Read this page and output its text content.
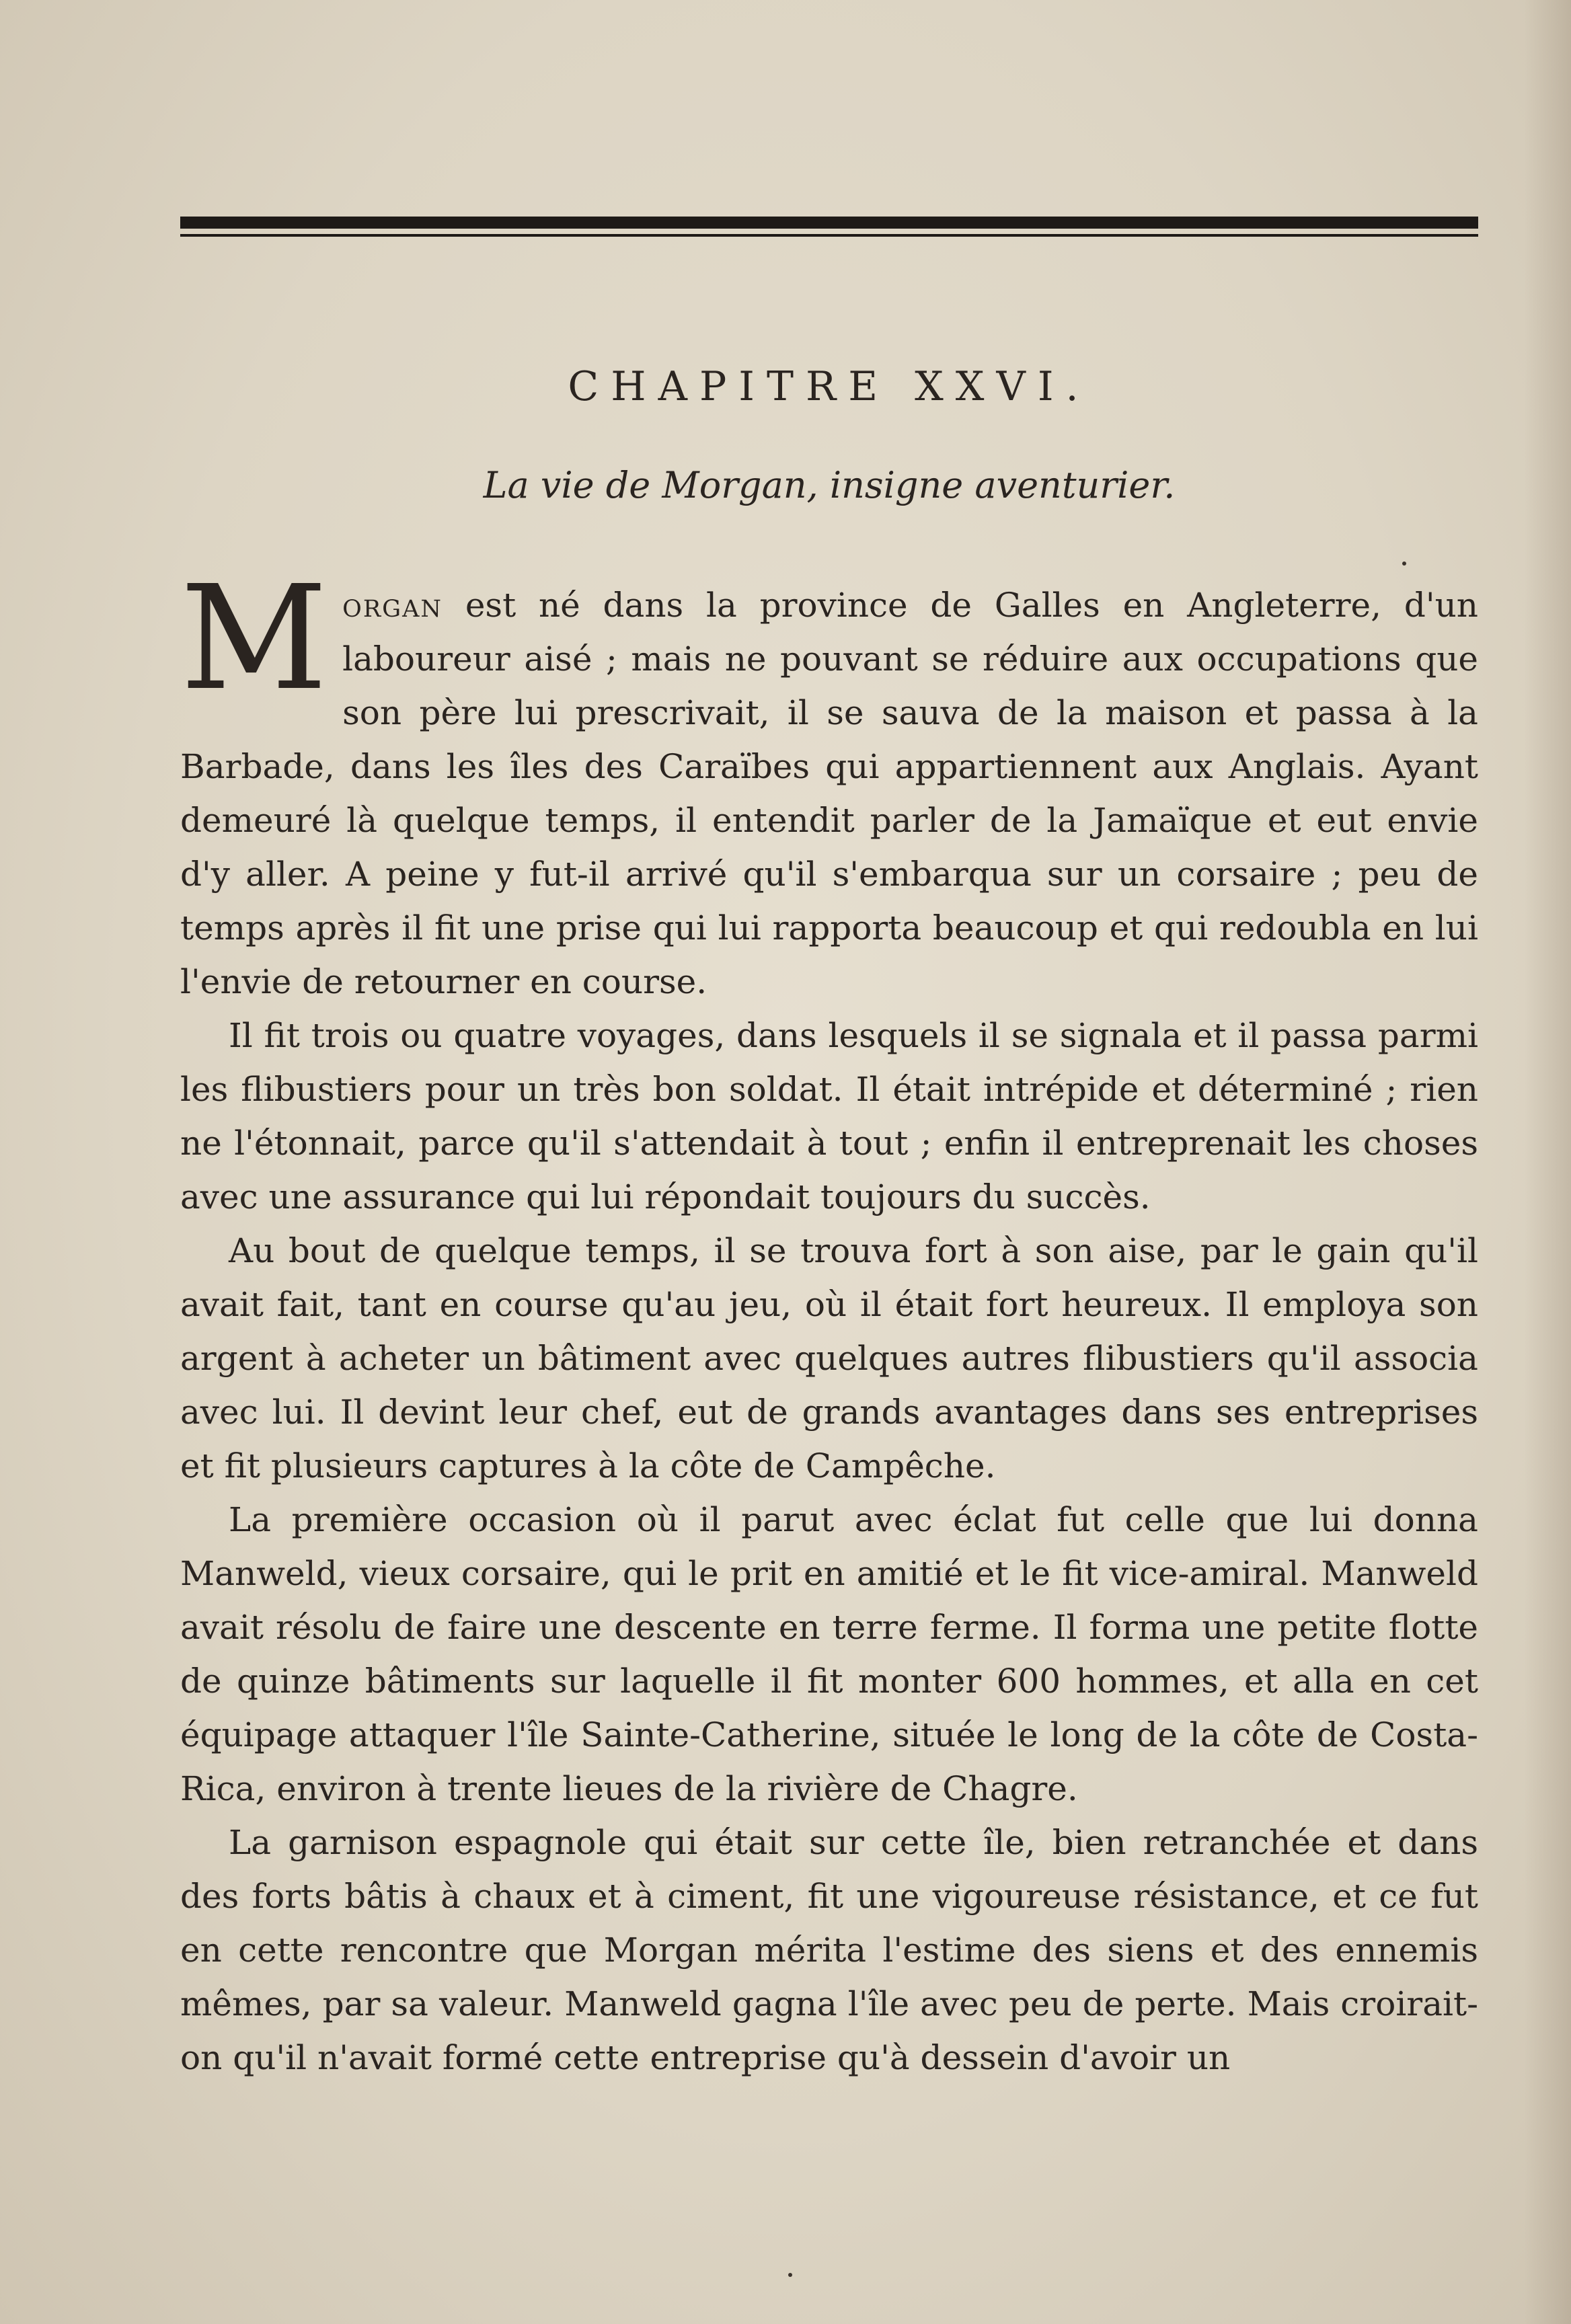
CHAPITRE XXVI.
La vie de Morgan, insigne aventurier.

Morgan est né dans la province de Galles en Angleterre, d'un laboureur aisé ; mais ne pouvant se réduire aux occupations que son père lui prescrivait, il se sauva de la maison et passa à la Barbade, dans les îles des Caraïbes qui appartiennent aux Anglais. Ayant demeuré là quelque temps, il entendit parler de la Jamaïque et eut envie d'y aller. A peine y fut-il arrivé qu'il s'embarqua sur un corsaire ; peu de temps après il fit une prise qui lui rapporta beaucoup et qui redoubla en lui l'envie de retourner en course.

Il fit trois ou quatre voyages, dans lesquels il se signala et il passa parmi les flibustiers pour un très bon soldat. Il était intrépide et déterminé ; rien ne l'étonnait, parce qu'il s'attendait à tout ; enfin il entreprenait les choses avec une assurance qui lui répondait toujours du succès.

Au bout de quelque temps, il se trouva fort à son aise, par le gain qu'il avait fait, tant en course qu'au jeu, où il était fort heureux. Il employa son argent à acheter un bâtiment avec quelques autres flibustiers qu'il associa avec lui. Il devint leur chef, eut de grands avantages dans ses entreprises et fit plusieurs captures à la côte de Campêche.

La première occasion où il parut avec éclat fut celle que lui donna Manweld, vieux corsaire, qui le prit en amitié et le fit vice-amiral. Manweld avait résolu de faire une descente en terre ferme. Il forma une petite flotte de quinze bâtiments sur laquelle il fit monter 600 hommes, et alla en cet équipage attaquer l'île Sainte-Catherine, située le long de la côte de Costa-Rica, environ à trente lieues de la rivière de Chagre.

La garnison espagnole qui était sur cette île, bien retranchée et dans des forts bâtis à chaux et à ciment, fit une vigoureuse résistance, et ce fut en cette rencontre que Morgan mérita l'estime des siens et des ennemis mêmes, par sa valeur. Manweld gagna l'île avec peu de perte. Mais croirait-on qu'il n'avait formé cette entreprise qu'à dessein d'avoir un
